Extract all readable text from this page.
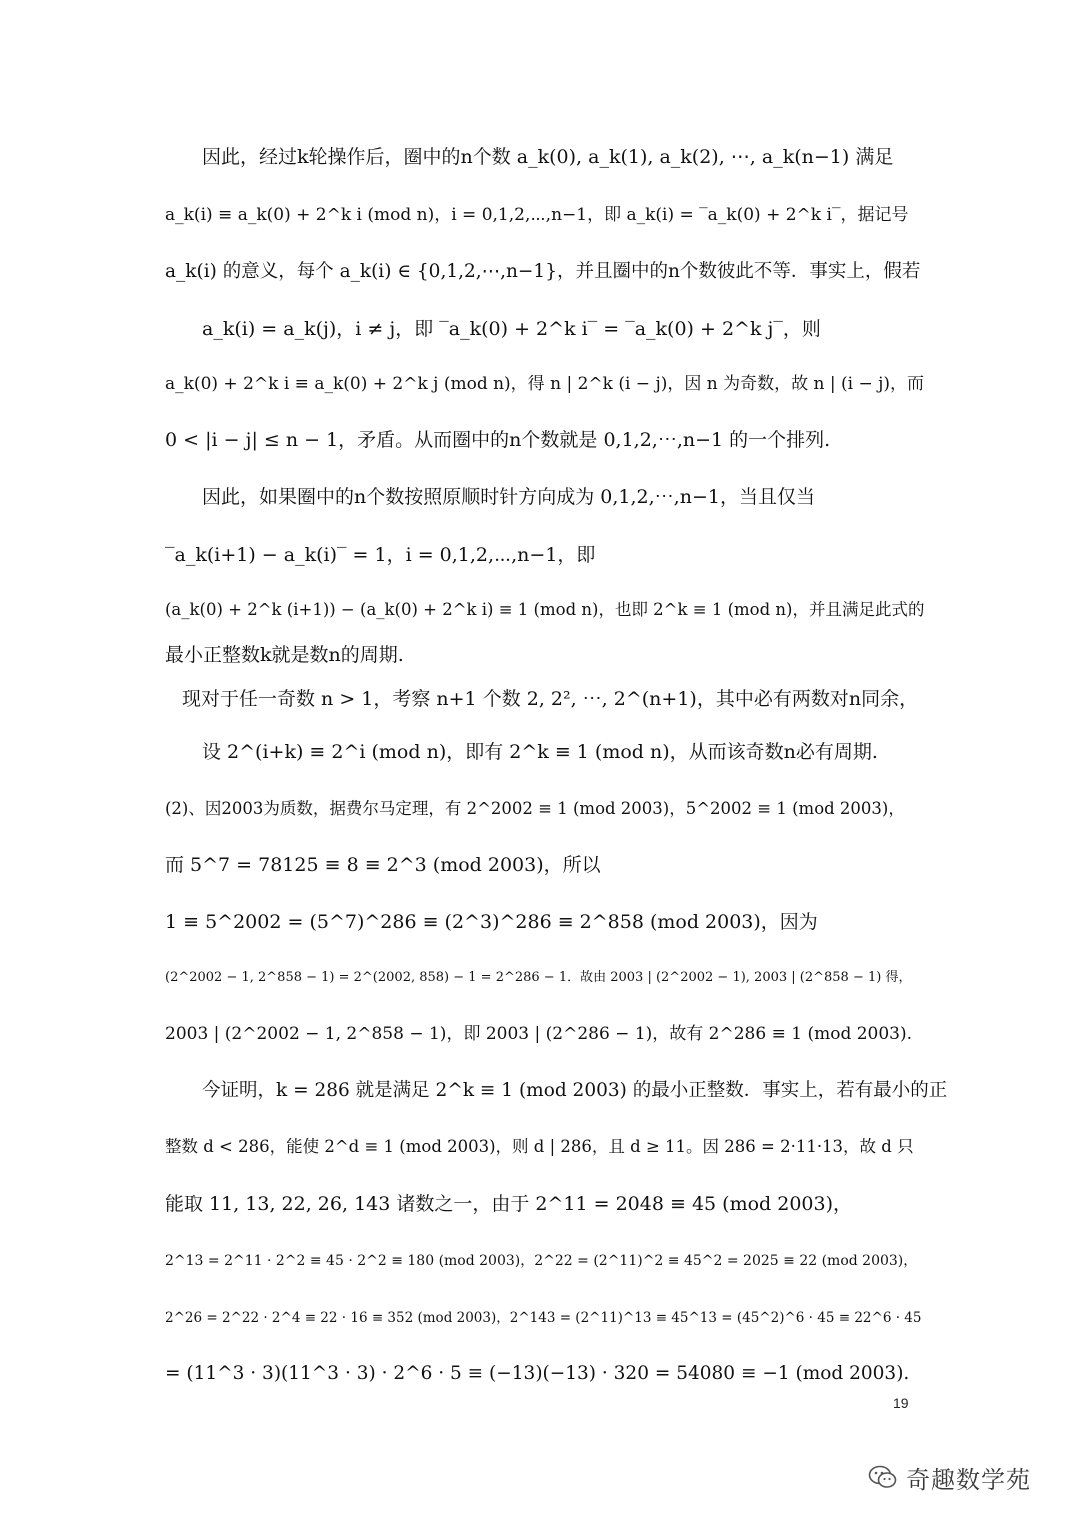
因此，经过k轮操作后，圈中的n个数 a_k(0), a_k(1), a_k(2), ⋯, a_k(n−1) 满足
a_k(i) ≡ a_k(0) + 2^k i (mod n)，i = 0,1,2,⋯,n−1，即 a_k(i) = ‾a_k(0) + 2^k i‾，据记号
a_k(i) 的意义，每个 a_k(i) ∈ {0,1,2,⋯,n−1}，并且圈中的n个数彼此不等．事实上，假若
a_k(i) = a_k(j)，i ≠ j，即 ‾a_k(0) + 2^k i‾ = ‾a_k(0) + 2^k j‾，则
a_k(0) + 2^k i ≡ a_k(0) + 2^k j (mod n)，得 n | 2^k (i − j)，因 n 为奇数，故 n | (i − j)，而
0 < |i − j| ≤ n − 1，矛盾。从而圈中的n个数就是 0,1,2,⋯,n−1 的一个排列.
因此，如果圈中的n个数按照原顺时针方向成为 0,1,2,⋯,n−1，当且仅当
‾a_k(i+1) − a_k(i)‾ = 1，i = 0,1,2,⋯,n−1，即
(a_k(0) + 2^k (i+1)) − (a_k(0) + 2^k i) ≡ 1 (mod n)，也即 2^k ≡ 1 (mod n)，并且满足此式的
最小正整数k就是数n的周期.
现对于任一奇数 n > 1，考察 n+1 个数 2, 2², ⋯, 2^(n+1)，其中必有两数对n同余，
设 2^(i+k) ≡ 2^i (mod n)，即有 2^k ≡ 1 (mod n)，从而该奇数n必有周期.
(2)、因2003为质数，据费尔马定理，有 2^2002 ≡ 1 (mod 2003)，5^2002 ≡ 1 (mod 2003)，
而 5^7 = 78125 ≡ 8 ≡ 2^3 (mod 2003)，所以
1 ≡ 5^2002 = (5^7)^286 ≡ (2^3)^286 ≡ 2^858 (mod 2003)，因为
(2^2002 − 1, 2^858 − 1) = 2^(2002, 858) − 1 = 2^286 − 1．故由 2003 | (2^2002 − 1), 2003 | (2^858 − 1) 得，
2003 | (2^2002 − 1, 2^858 − 1)，即 2003 | (2^286 − 1)，故有 2^286 ≡ 1 (mod 2003).
今证明，k = 286 就是满足 2^k ≡ 1 (mod 2003) 的最小正整数．事实上，若有最小的正
整数 d < 286，能使 2^d ≡ 1 (mod 2003)，则 d | 286，且 d ≥ 11。因 286 = 2·11·13，故 d 只
能取 11, 13, 22, 26, 143 诸数之一，由于 2^11 = 2048 ≡ 45 (mod 2003)，
2^13 = 2^11 · 2^2 ≡ 45 · 2^2 ≡ 180 (mod 2003)，2^22 = (2^11)^2 ≡ 45^2 = 2025 ≡ 22 (mod 2003)，
2^26 = 2^22 · 2^4 ≡ 22 · 16 ≡ 352 (mod 2003)，2^143 = (2^11)^13 ≡ 45^13 = (45^2)^6 · 45 ≡ 22^6 · 45
= (11^3 · 3)(11^3 · 3) · 2^6 · 5 ≡ (−13)(−13) · 320 = 54080 ≡ −1 (mod 2003).
19
奇趣数学苑
